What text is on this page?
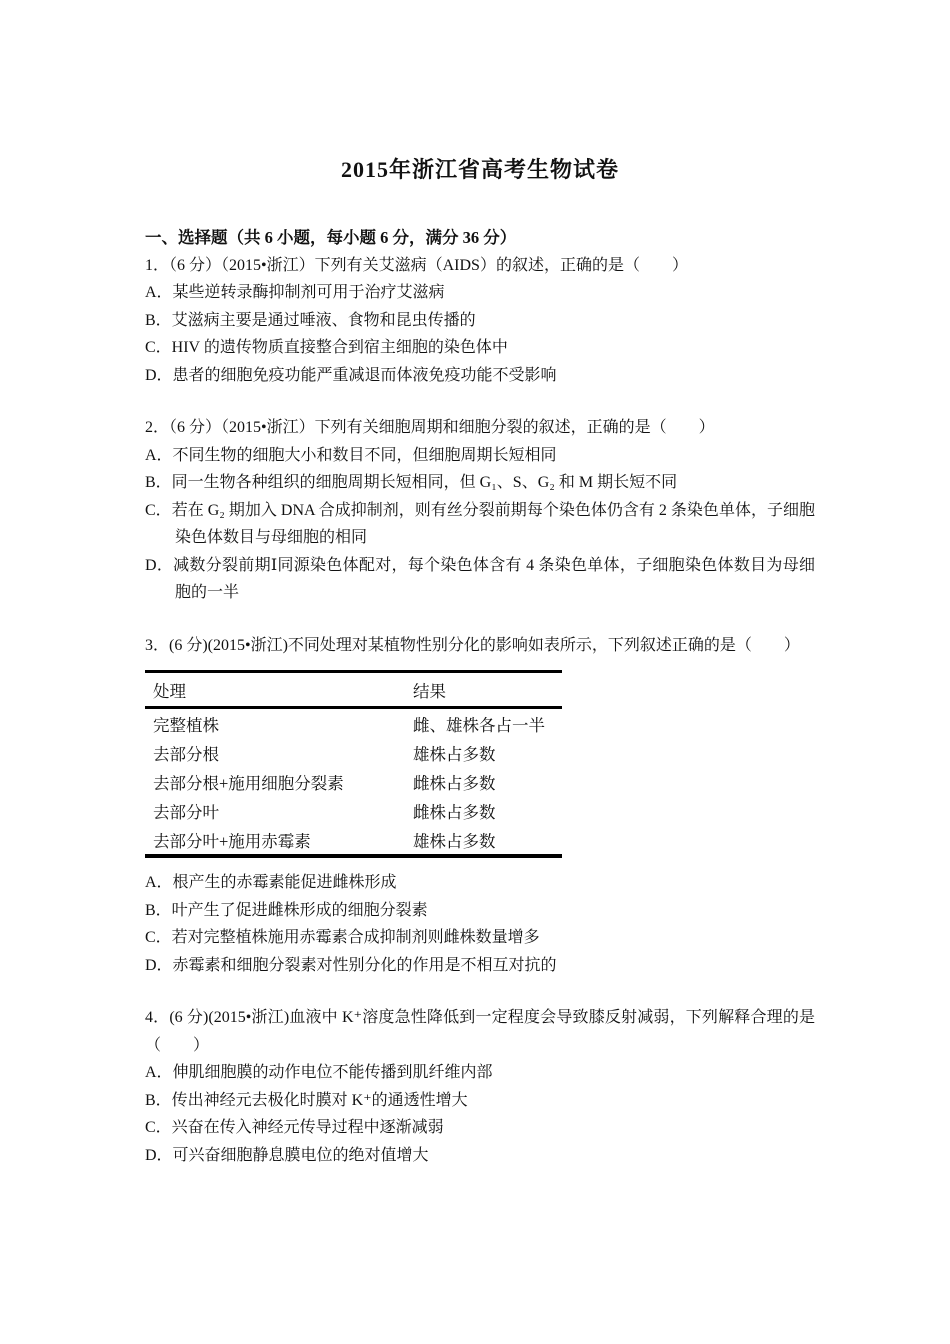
2015年浙江省高考生物试卷
一、选择题（共 6 小题，每小题 6 分，满分 36 分）

1．（6 分）（2015•浙江）下列有关艾滋病（AIDS）的叙述，正确的是（　　）

A．某些逆转录酶抑制剂可用于治疗艾滋病

B．艾滋病主要是通过唾液、食物和昆虫传播的

C．HIV 的遗传物质直接整合到宿主细胞的染色体中

D．患者的细胞免疫功能严重减退而体液免疫功能不受影响

2．（6 分）（2015•浙江）下列有关细胞周期和细胞分裂的叙述，正确的是（　　）

A．不同生物的细胞大小和数目不同，但细胞周期长短相同

B．同一生物各种组织的细胞周期长短相同，但 G₁、S、G₂ 和 M 期长短不同

C．若在 G₂ 期加入 DNA 合成抑制剂，则有丝分裂前期每个染色体仍含有 2 条染色单体，子细胞染色体数目与母细胞的相同

D．减数分裂前期Ⅰ同源染色体配对，每个染色体含有 4 条染色单体，子细胞染色体数目为母细胞的一半

3．(6 分)(2015•浙江)不同处理对某植物性别分化的影响如表所示，下列叙述正确的是（　　）

处理	结果
完整植株	雌、雄株各占一半
去部分根	雄株占多数
去部分根+施用细胞分裂素	雌株占多数
去部分叶	雌株占多数
去部分叶+施用赤霉素	雄株占多数

A．根产生的赤霉素能促进雌株形成

B．叶产生了促进雌株形成的细胞分裂素

C．若对完整植株施用赤霉素合成抑制剂则雌株数量增多

D．赤霉素和细胞分裂素对性别分化的作用是不相互对抗的

4．(6 分)(2015•浙江)血液中 K⁺溶度急性降低到一定程度会导致膝反射减弱，下列解释合理的是（　　）

A．伸肌细胞膜的动作电位不能传播到肌纤维内部

B．传出神经元去极化时膜对 K⁺的通透性增大

C．兴奋在传入神经元传导过程中逐渐减弱

D．可兴奋细胞静息膜电位的绝对值增大
